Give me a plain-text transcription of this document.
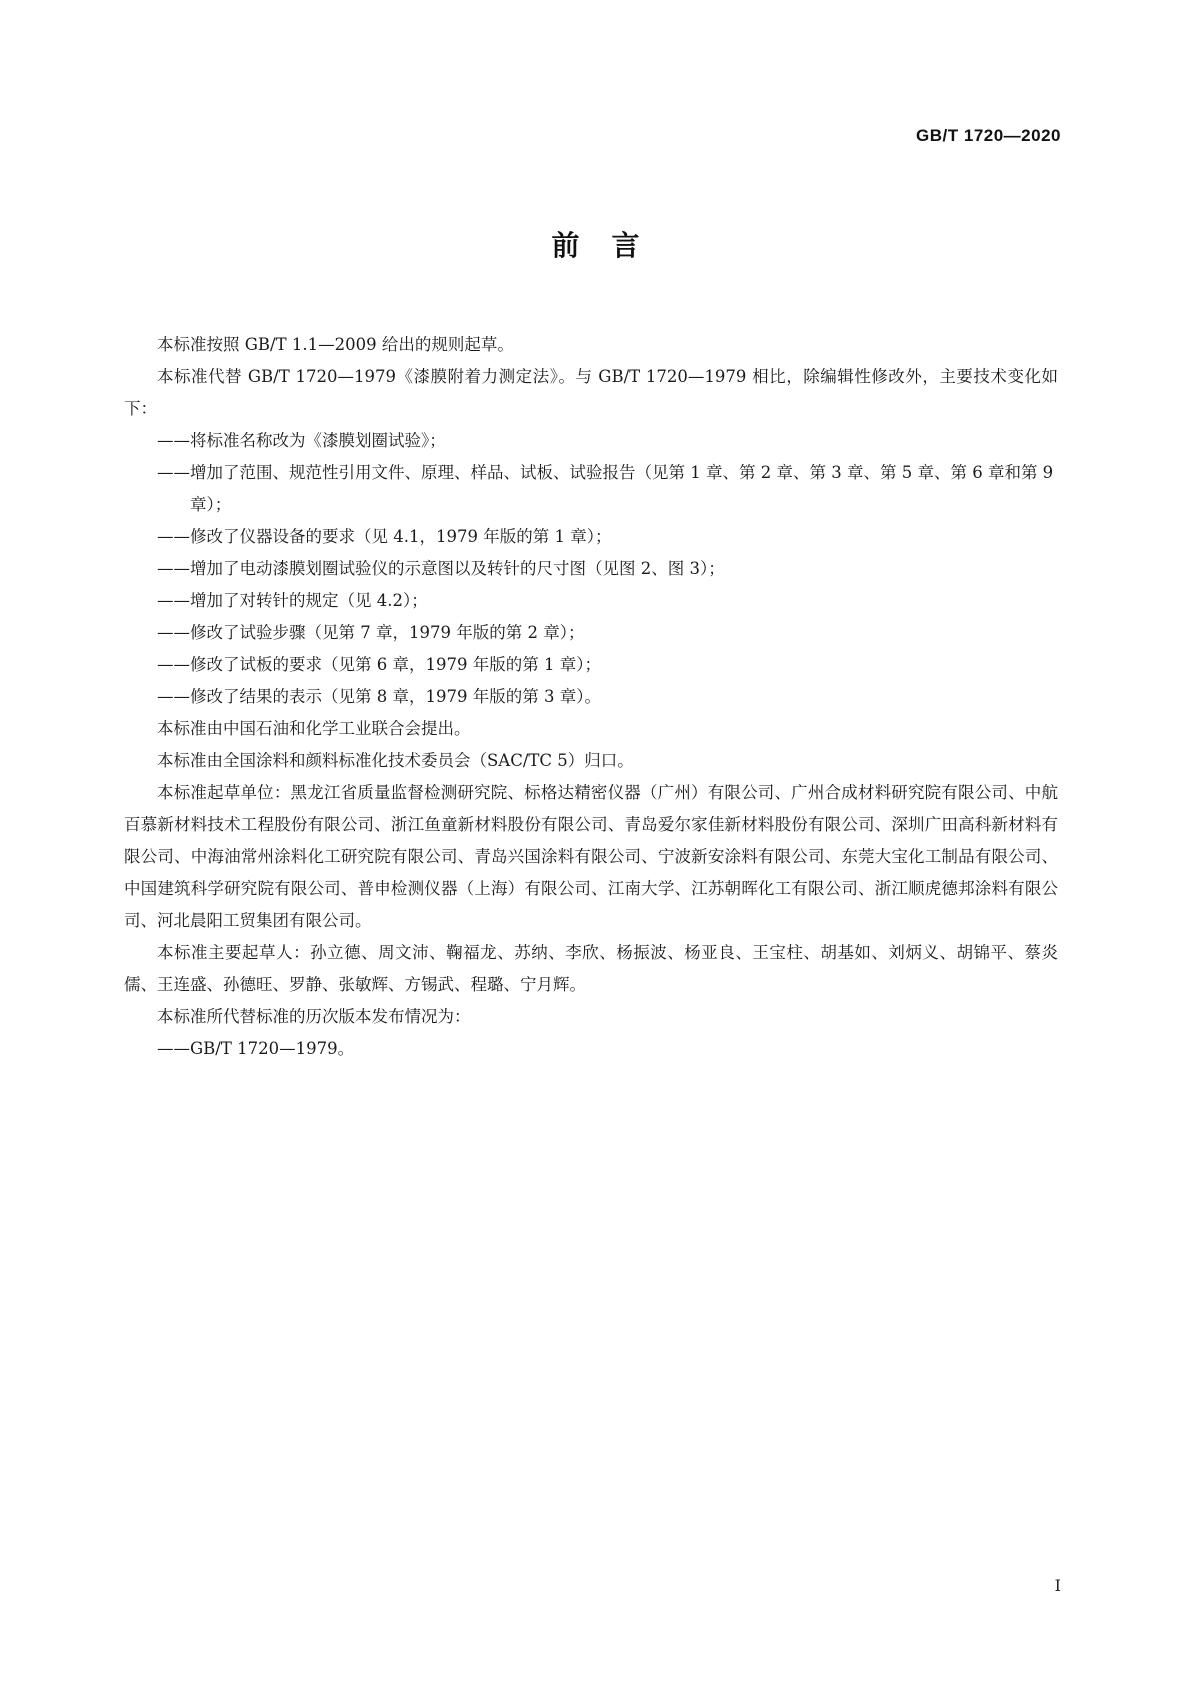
GB/T 1720—2020
前言

本标准按照 GB/T 1.1—2009 给出的规则起草。

本标准代替 GB/T 1720—1979《漆膜附着力测定法》。与 GB/T 1720—1979 相比，除编辑性修改外，主要技术变化如下：

——将标准名称改为《漆膜划圈试验》；

——增加了范围、规范性引用文件、原理、样品、试板、试验报告（见第 1 章、第 2 章、第 3 章、第 5 章、第 6 章和第 9 章）；

——修改了仪器设备的要求（见 4.1，1979 年版的第 1 章）；

——增加了电动漆膜划圈试验仪的示意图以及转针的尺寸图（见图 2、图 3）；

——增加了对转针的规定（见 4.2）；

——修改了试验步骤（见第 7 章，1979 年版的第 2 章）；

——修改了试板的要求（见第 6 章，1979 年版的第 1 章）；

——修改了结果的表示（见第 8 章，1979 年版的第 3 章）。

本标准由中国石油和化学工业联合会提出。

本标准由全国涂料和颜料标准化技术委员会（SAC/TC 5）归口。

本标准起草单位：黑龙江省质量监督检测研究院、标格达精密仪器（广州）有限公司、广州合成材料研究院有限公司、中航百慕新材料技术工程股份有限公司、浙江鱼童新材料股份有限公司、青岛爱尔家佳新材料股份有限公司、深圳广田高科新材料有限公司、中海油常州涂料化工研究院有限公司、青岛兴国涂料有限公司、宁波新安涂料有限公司、东莞大宝化工制品有限公司、中国建筑科学研究院有限公司、普申检测仪器（上海）有限公司、江南大学、江苏朝晖化工有限公司、浙江顺虎德邦涂料有限公司、河北晨阳工贸集团有限公司。

本标准主要起草人：孙立德、周文沛、鞠福龙、苏纳、李欣、杨振波、杨亚良、王宝柱、胡基如、刘炳义、胡锦平、蔡炎儒、王连盛、孙德旺、罗静、张敏辉、方锡武、程璐、宁月辉。

本标准所代替标准的历次版本发布情况为：

——GB/T 1720—1979。

I
